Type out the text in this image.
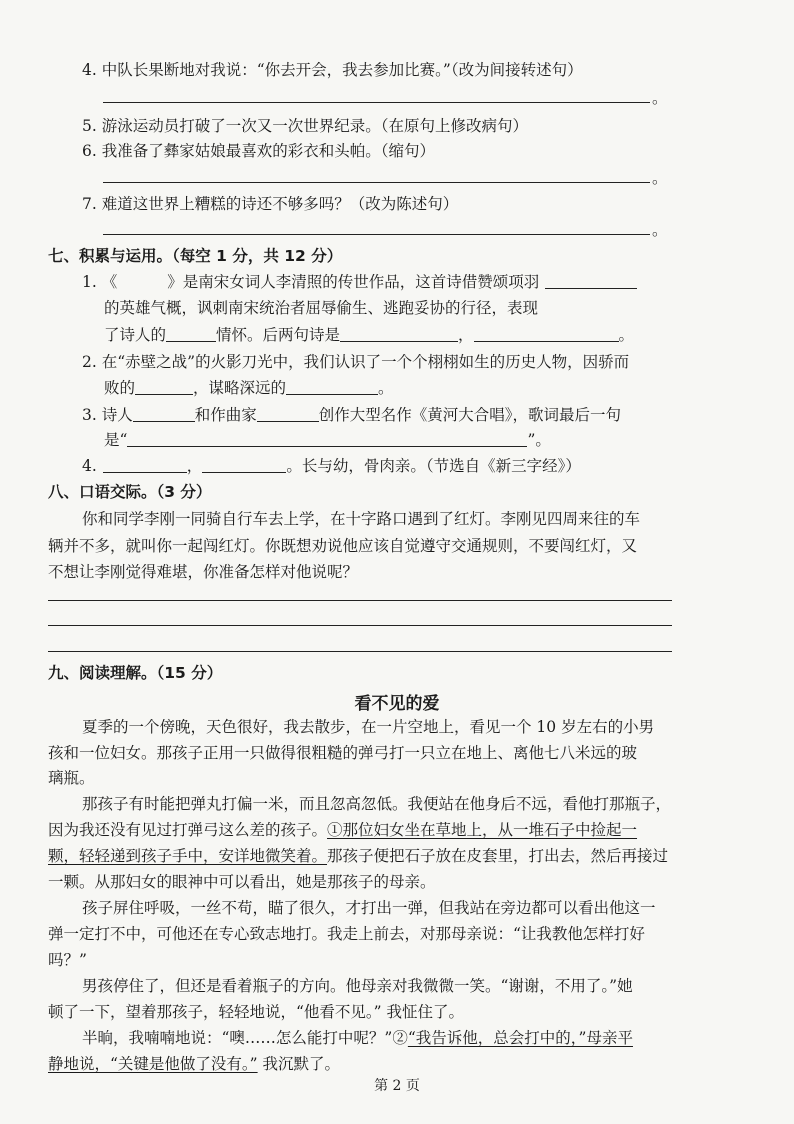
4. 中队长果断地对我说：“你去开会，我去参加比赛。”（改为间接转述句）
。
5. 游泳运动员打破了一次又一次世界纪录。（在原句上修改病句）
6. 我准备了彝家姑娘最喜欢的彩衣和头帕。（缩句）
。
7. 难道这世界上糟糕的诗还不够多吗？（改为陈述句）
。
七、积累与运用。（每空 1 分，共 12 分）
1. 《	》是南宋女词人李清照的传世作品，这首诗借赞颂项羽
的英雄气概，讽刺南宋统治者屈辱偷生、逃跑妥协的行径，表现
了诗人的	情怀。后两句诗是	，	。
2. 在“赤壁之战”的火影刀光中，我们认识了一个个栩栩如生的历史人物，因骄而
败的	，谋略深远的	。
3. 诗人	和作曲家	创作大型名作《黄河大合唱》，歌词最后一句
是“	”。
4.	，	。长与幼，骨肉亲。（节选自《新三字经》）
八、口语交际。（3 分）
你和同学李刚一同骑自行车去上学，在十字路口遇到了红灯。李刚见四周来往的车
辆并不多，就叫你一起闯红灯。你既想劝说他应该自觉遵守交通规则，不要闯红灯，又
不想让李刚觉得难堪，你准备怎样对他说呢？
九、阅读理解。（15 分）
看不见的爱
夏季的一个傍晚，天色很好，我去散步，在一片空地上，看见一个 10 岁左右的小男
孩和一位妇女。那孩子正用一只做得很粗糙的弹弓打一只立在地上、离他七八米远的玻
璃瓶。
那孩子有时能把弹丸打偏一米，而且忽高忽低。我便站在他身后不远，看他打那瓶子，
因为我还没有见过打弹弓这么差的孩子。①那位妇女坐在草地上，从一堆石子中捡起一
颗，轻轻递到孩子手中，安详地微笑着。那孩子便把石子放在皮套里，打出去，然后再接过
一颗。从那妇女的眼神中可以看出，她是那孩子的母亲。
孩子屏住呼吸，一丝不苟，瞄了很久，才打出一弹，但我站在旁边都可以看出他这一
弹一定打不中，可他还在专心致志地打。我走上前去，对那母亲说：“让我教他怎样打好
吗？”
男孩停住了，但还是看着瓶子的方向。他母亲对我微微一笑。“谢谢，不用了。”她
顿了一下，望着那孩子，轻轻地说，“他看不见。” 我怔住了。
半晌，我喃喃地说：“噢……怎么能打中呢？”②“我告诉他，总会打中的，”母亲平
静地说，“关键是他做了没有。” 我沉默了。
第 2 页
